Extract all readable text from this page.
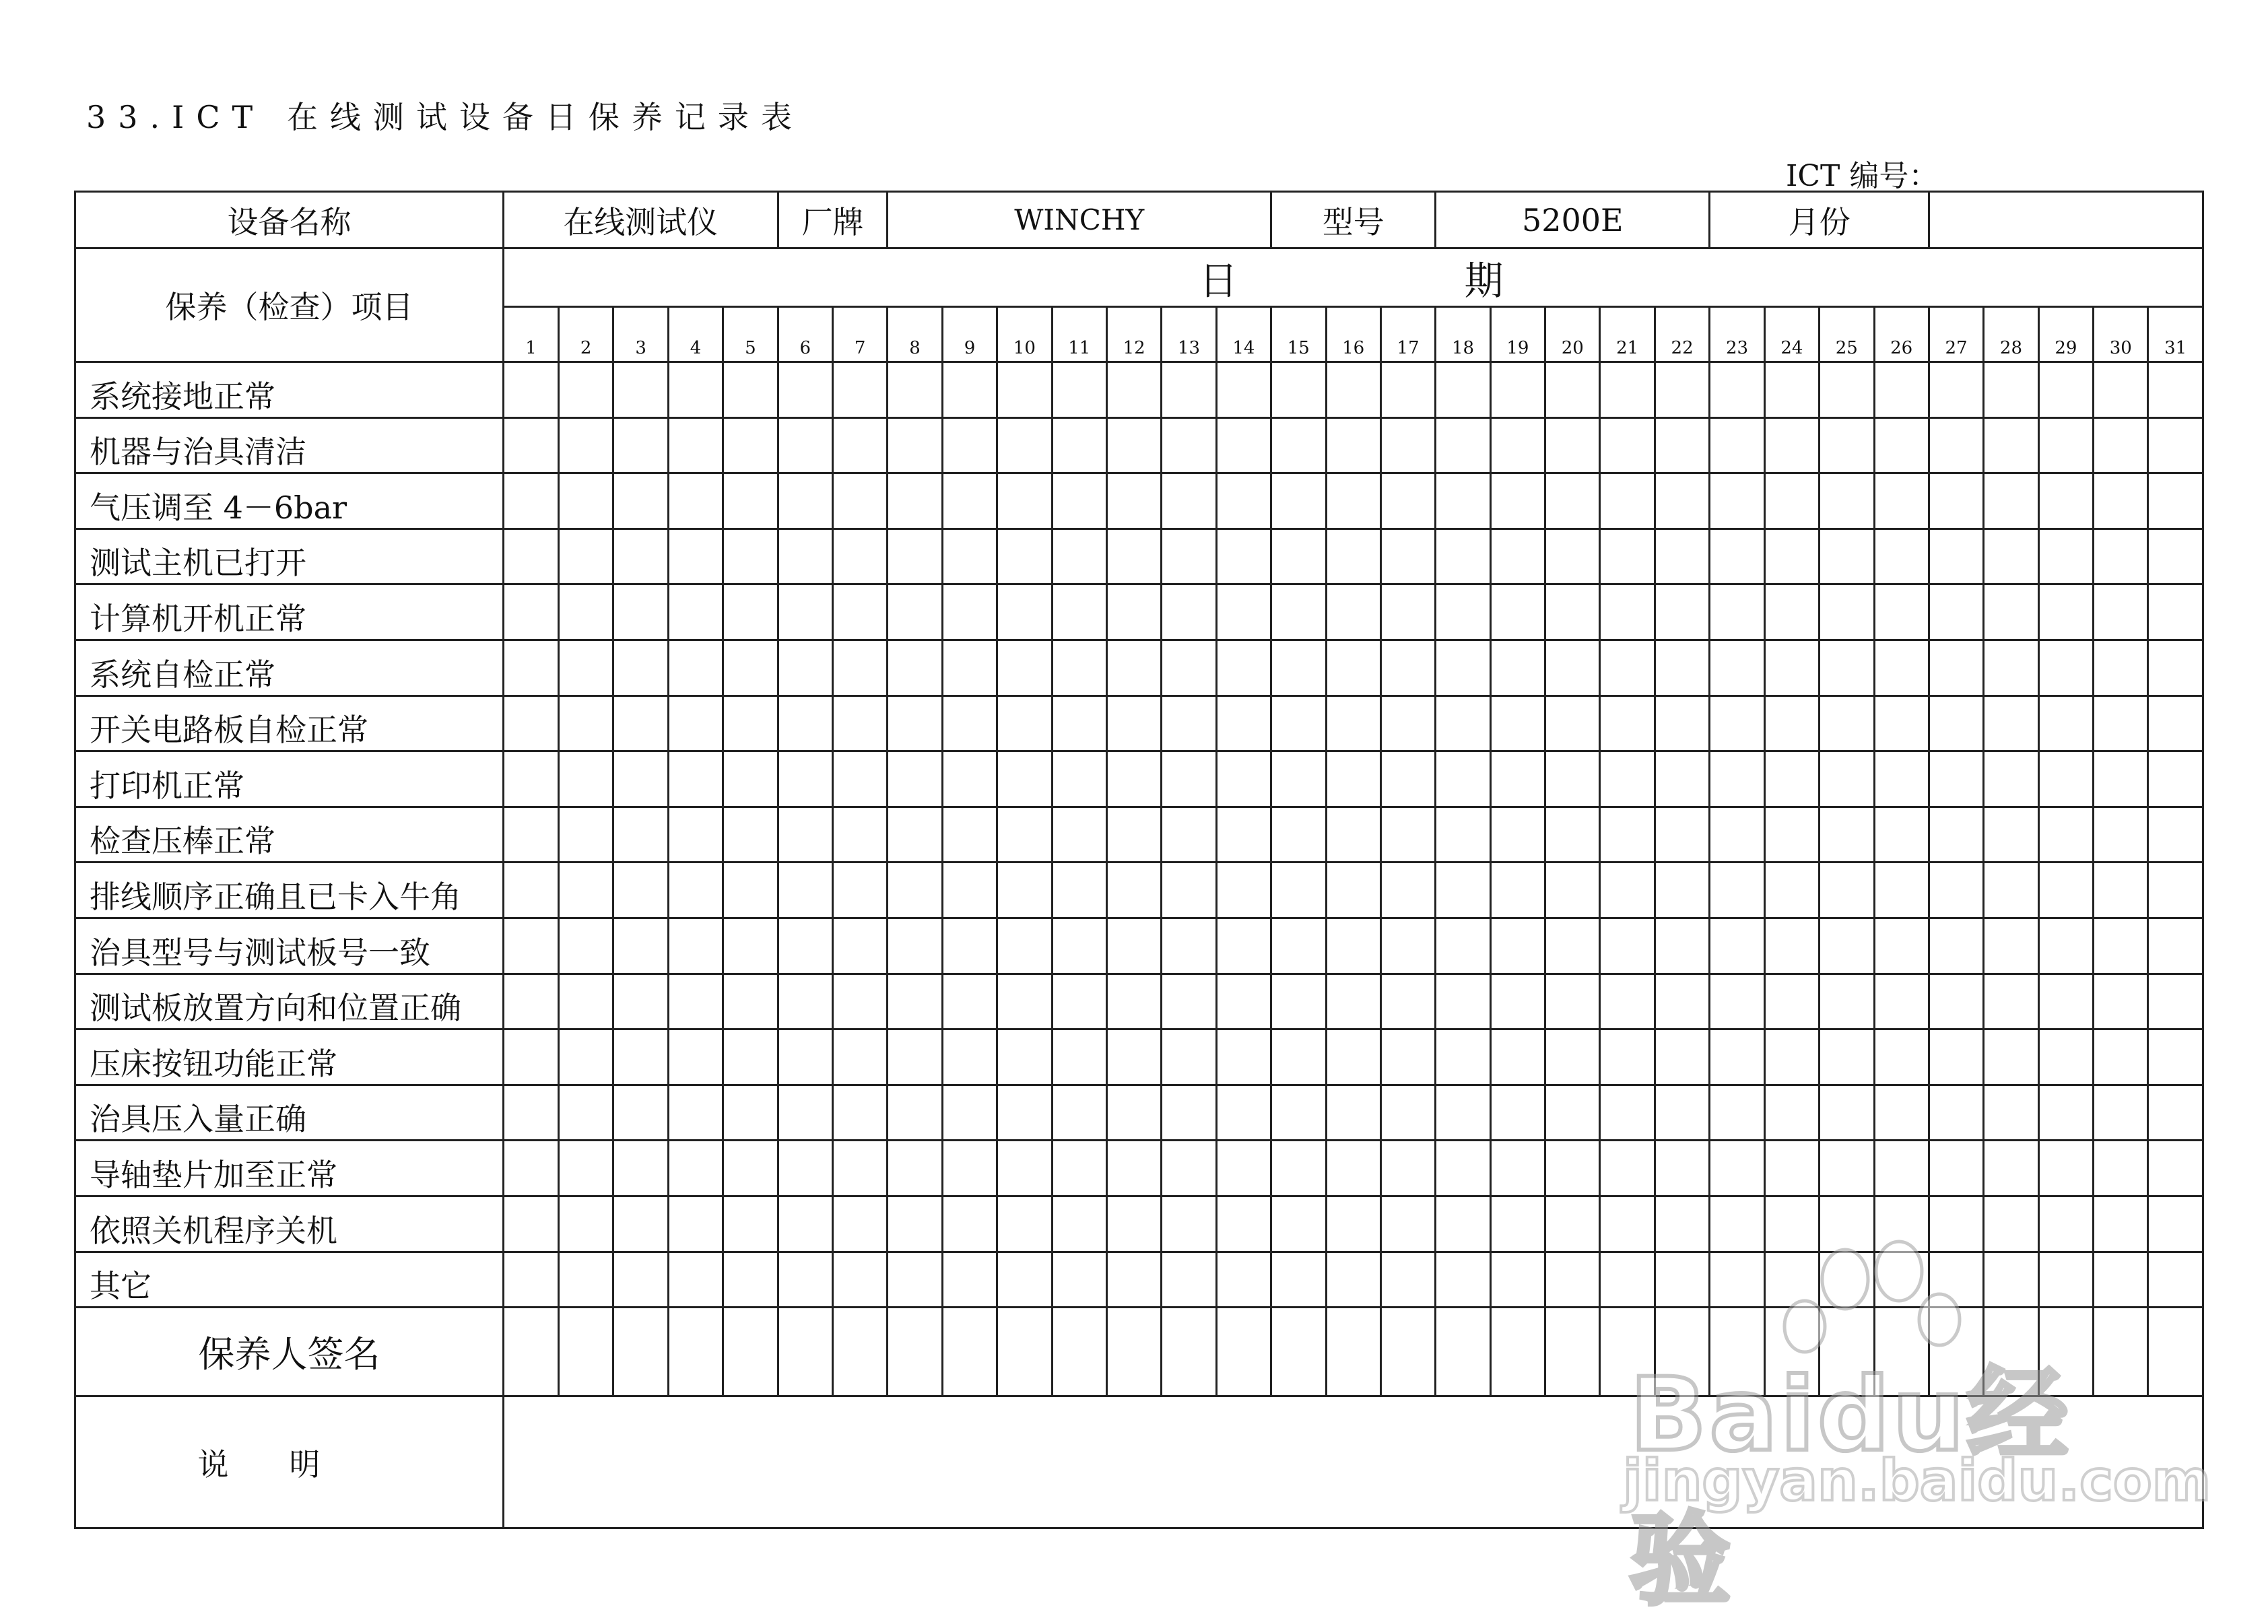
33.ICT 在线测试设备日保养记录表
ICT 编号：
设备名称	在线测试仪					厂牌		WINCHY							型号			5200E					月份								
保养（检查）项目	日 期																														
	1	2	3	4	5	6	7	8	9	10	11	12	13	14	15	16	17	18	19	20	21	22	23	24	25	26	27	28	29	30	31
系统接地正常																															
机器与治具清洁																															
气压调至 4－6bar																															
测试主机已打开																															
计算机开机正常																															
系统自检正常																															
开关电路板自检正常																															
打印机正常																															
检查压棒正常																															
排线顺序正确且已卡入牛角																															
治具型号与测试板号一致																															
测试板放置方向和位置正确																															
压床按钮功能正常																															
治具压入量正确																															
导轴垫片加至正常																															
依照关机程序关机																															
其它																															
保养人签名																															
说明																																Baidu经验
jingyan.baidu.com
